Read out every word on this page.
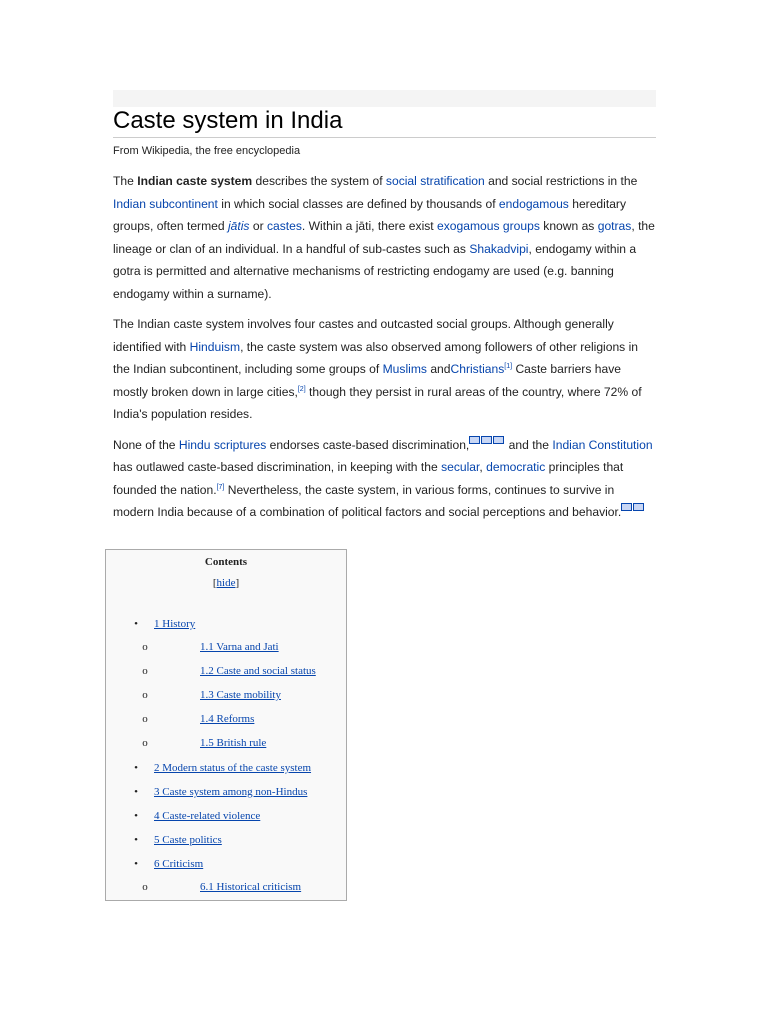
Caste system in India
From Wikipedia, the free encyclopedia

The Indian caste system describes the system of social stratification and social restrictions in the Indian subcontinent in which social classes are defined by thousands of endogamous hereditary groups, often termed jātis or castes. Within a jāti, there exist exogamous groups known as gotras, the lineage or clan of an individual. In a handful of sub-castes such as Shakadvipi, endogamy within a gotra is permitted and alternative mechanisms of restricting endogamy are used (e.g. banning endogamy within a surname).

The Indian caste system involves four castes and outcasted social groups. Although generally identified with Hinduism, the caste system was also observed among followers of other religions in the Indian subcontinent, including some groups of Muslims andChristians[1] Caste barriers have mostly broken down in large cities,[2] though they persist in rural areas of the country, where 72% of India's population resides.

None of the Hindu scriptures endorses caste-based discrimination,	and the Indian Constitution has outlawed caste-based discrimination, in keeping with the secular, democratic principles that founded the nation.[7] Nevertheless, the caste system, in various forms, continues to survive in modern India because of a combination of political factors and social perceptions and behavior.

Contents
[hide]
• 1 History
o	1.1 Varna and Jati
o	1.2 Caste and social status
o	1.3 Caste mobility
o	1.4 Reforms
o	1.5 British rule
• 2 Modern status of the caste system
• 3 Caste system among non-Hindus
• 4 Caste-related violence
• 5 Caste politics
• 6 Criticism
o	6.1 Historical criticism
